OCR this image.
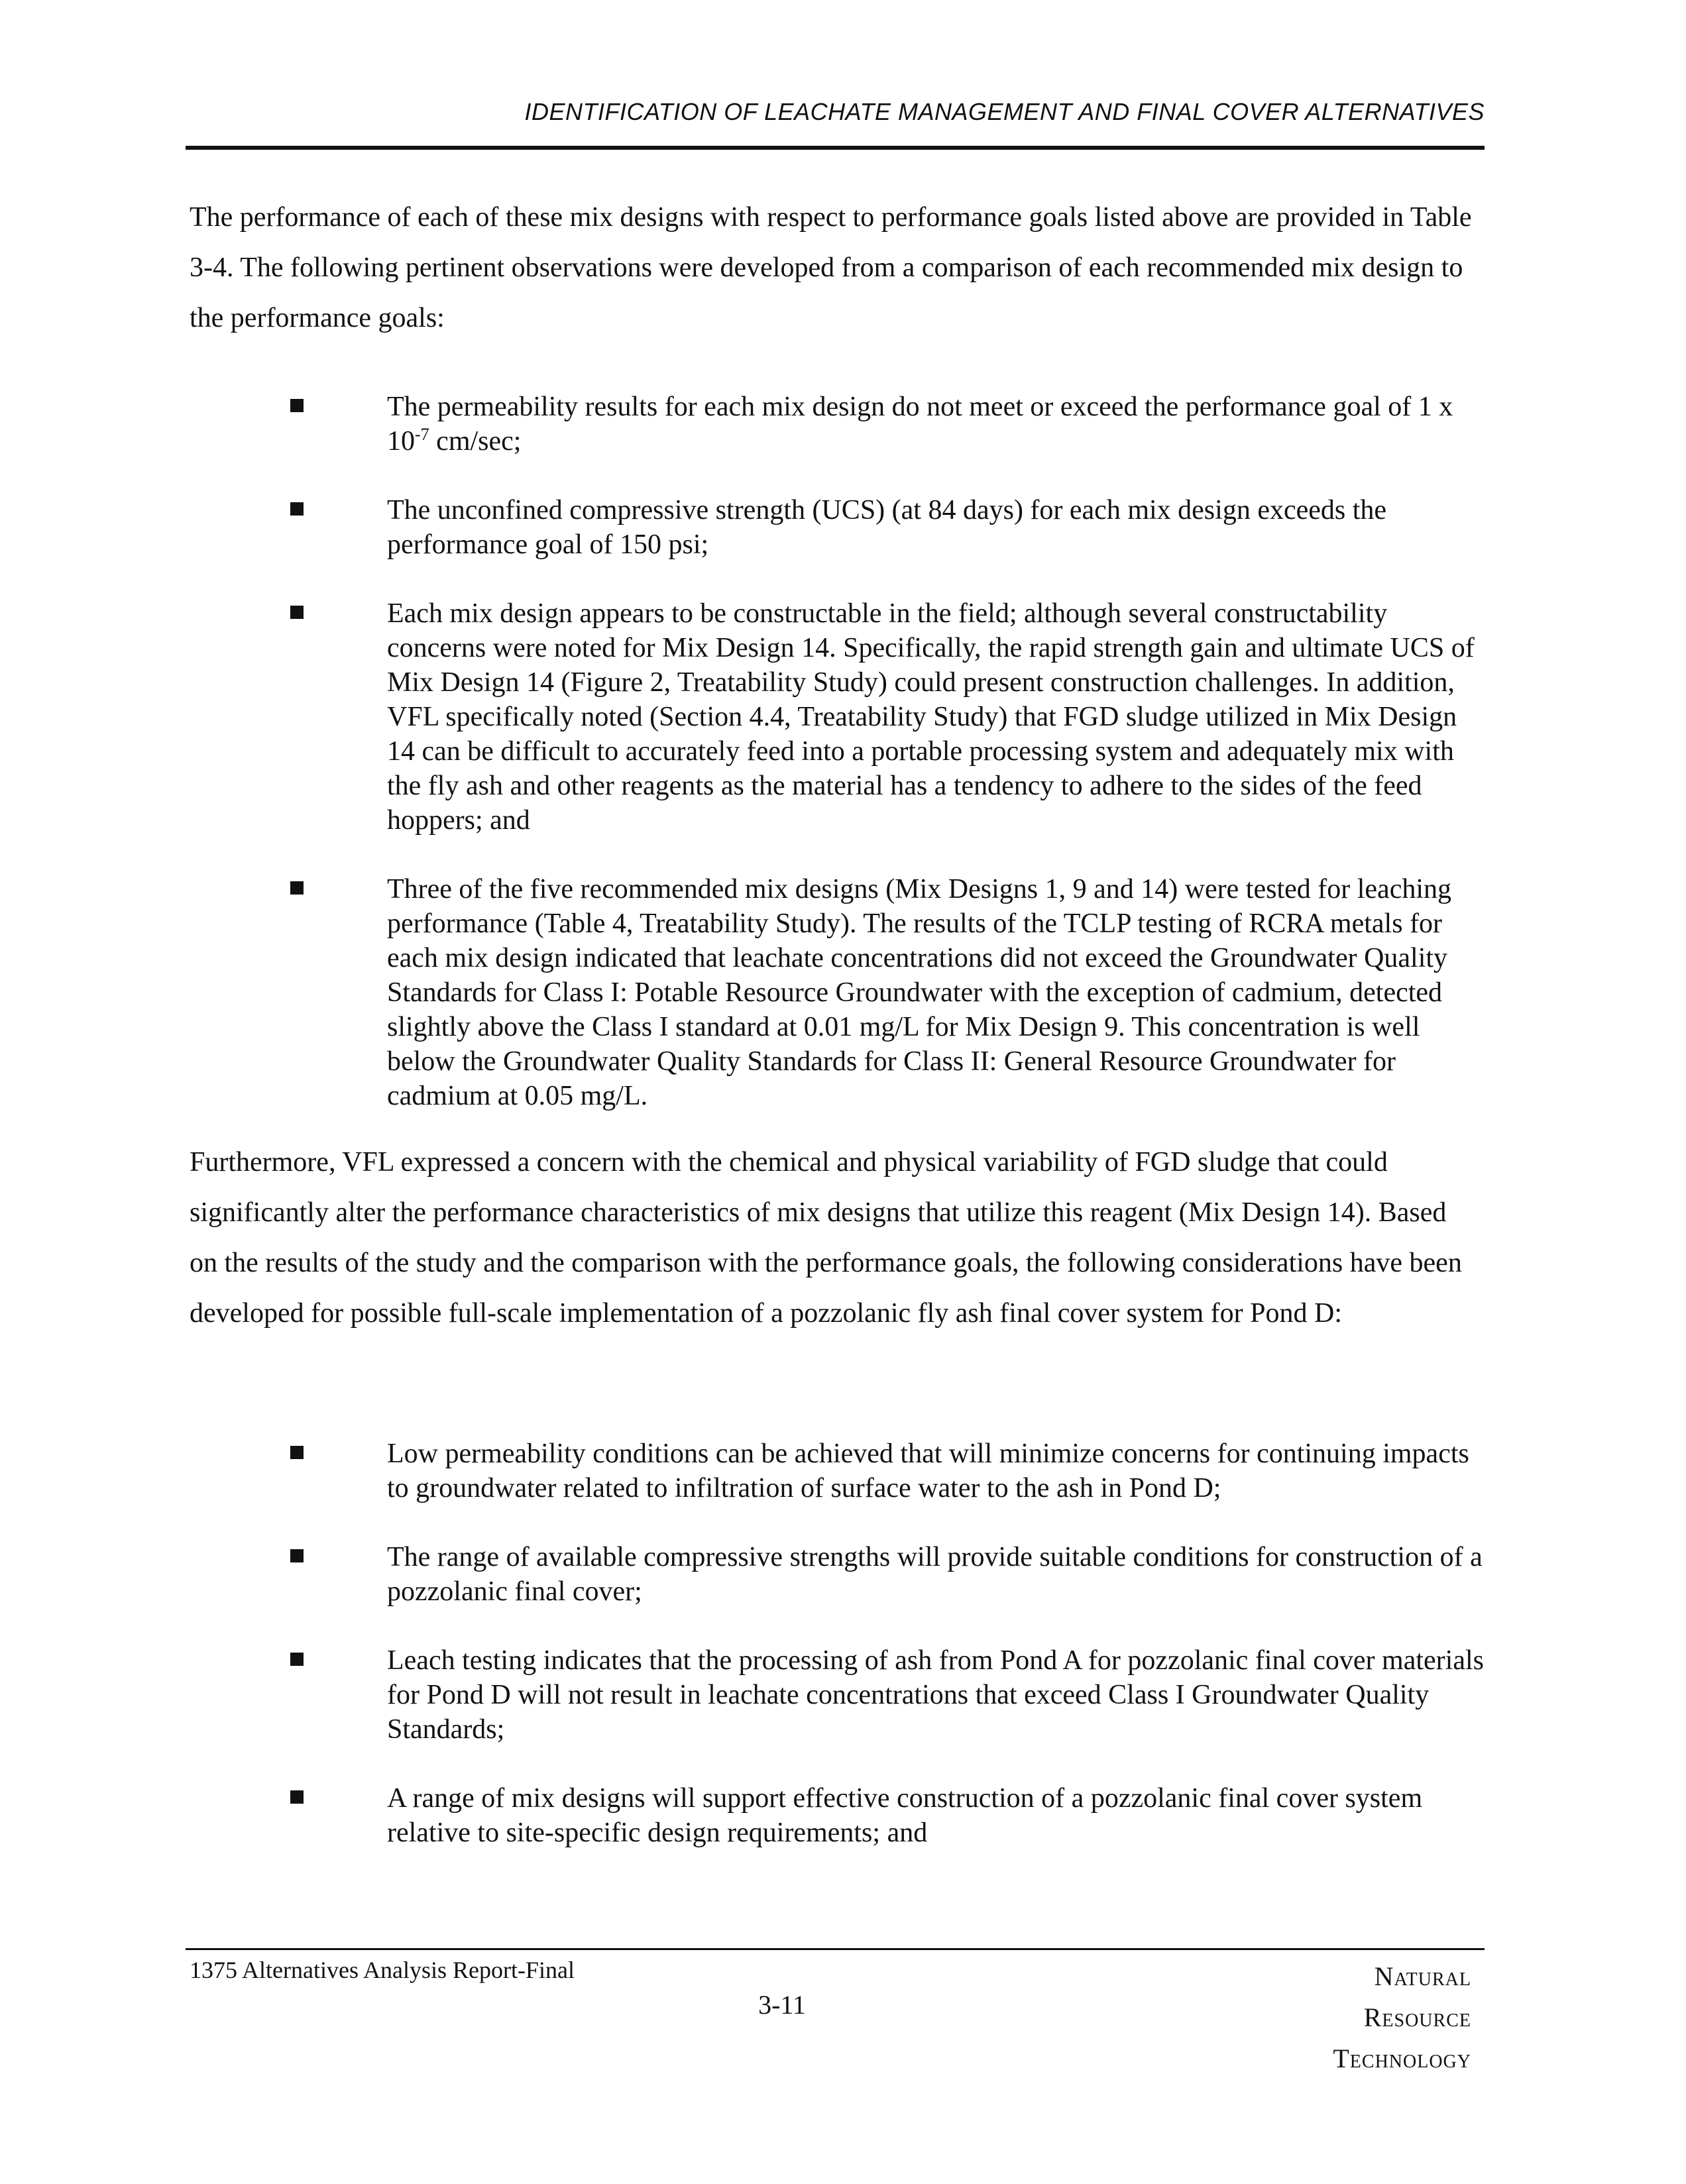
IDENTIFICATION OF LEACHATE MANAGEMENT AND FINAL COVER ALTERNATIVES

The performance of each of these mix designs with respect to performance goals listed above are provided in Table 3-4. The following pertinent observations were developed from a comparison of each recommended mix design to the performance goals:

The permeability results for each mix design do not meet or exceed the performance goal of 1 x $10^{-7}$ cm/sec;
The unconfined compressive strength (UCS) (at 84 days) for each mix design exceeds the performance goal of 150 psi;
Each mix design appears to be constructable in the field; although several constructability concerns were noted for Mix Design 14. Specifically, the rapid strength gain and ultimate UCS of Mix Design 14 (Figure 2, Treatability Study) could present construction challenges. In addition, VFL specifically noted (Section 4.4, Treatability Study) that FGD sludge utilized in Mix Design 14 can be difficult to accurately feed into a portable processing system and adequately mix with the fly ash and other reagents as the material has a tendency to adhere to the sides of the feed hoppers; and
Three of the five recommended mix designs (Mix Designs 1, 9 and 14) were tested for leaching performance (Table 4, Treatability Study). The results of the TCLP testing of RCRA metals for each mix design indicated that leachate concentrations did not exceed the Groundwater Quality Standards for Class I: Potable Resource Groundwater with the exception of cadmium, detected slightly above the Class I standard at 0.01 mg/L for Mix Design 9. This concentration is well below the Groundwater Quality Standards for Class II: General Resource Groundwater for cadmium at 0.05 mg/L.

Furthermore, VFL expressed a concern with the chemical and physical variability of FGD sludge that could significantly alter the performance characteristics of mix designs that utilize this reagent (Mix Design 14). Based on the results of the study and the comparison with the performance goals, the following considerations have been developed for possible full-scale implementation of a pozzolanic fly ash final cover system for Pond D:

Low permeability conditions can be achieved that will minimize concerns for continuing impacts to groundwater related to infiltration of surface water to the ash in Pond D;
The range of available compressive strengths will provide suitable conditions for construction of a pozzolanic final cover;
Leach testing indicates that the processing of ash from Pond A for pozzolanic final cover materials for Pond D will not result in leachate concentrations that exceed Class I Groundwater Quality Standards;
A range of mix designs will support effective construction of a pozzolanic final cover system relative to site-specific design requirements; and
1375 Alternatives Analysis Report-Final
3-11
Natural
Resource
Technology
